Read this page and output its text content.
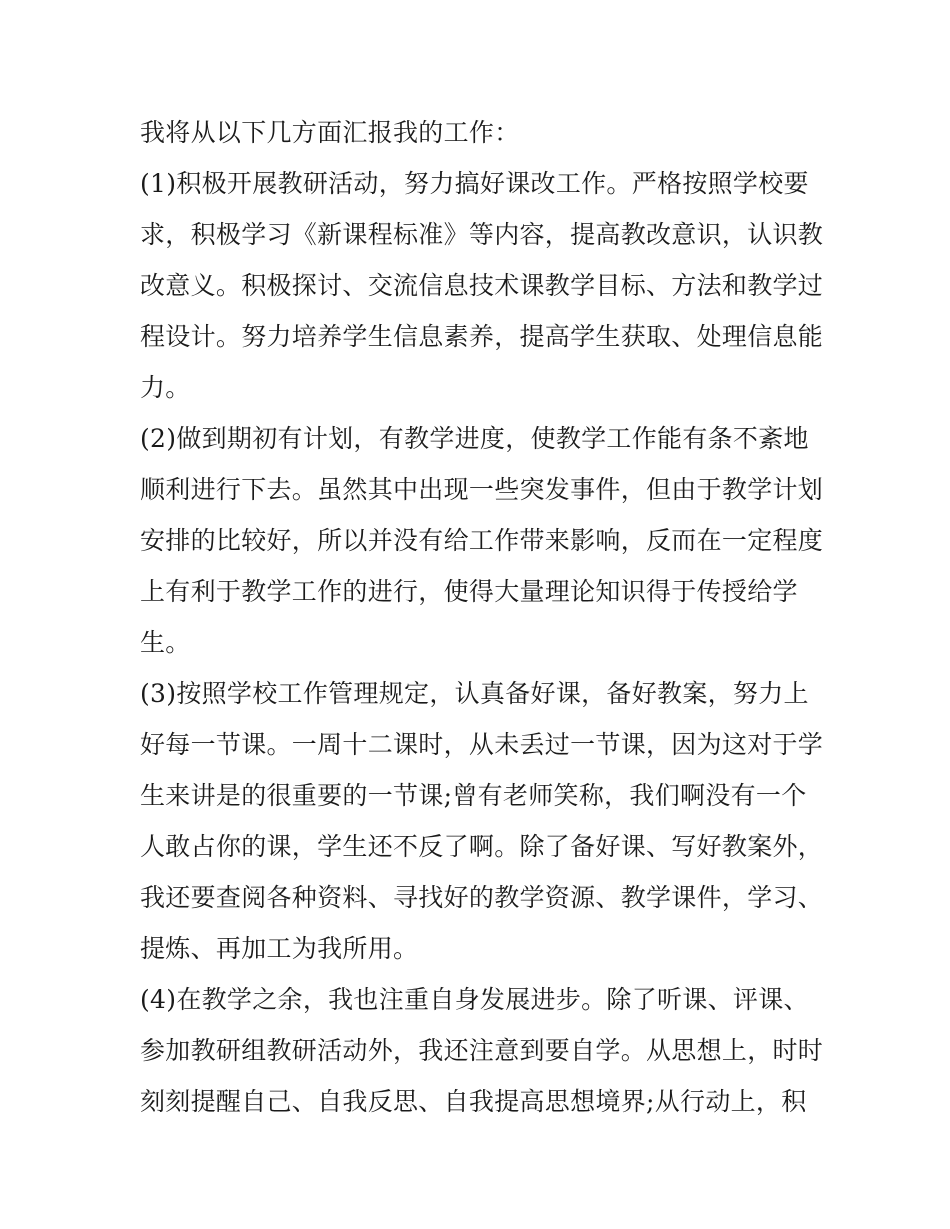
我将从以下几方面汇报我的工作：
(1)积极开展教研活动，努力搞好课改工作。严格按照学校要
求，积极学习《新课程标准》等内容，提高教改意识，认识教
改意义。积极探讨、交流信息技术课教学目标、方法和教学过
程设计。努力培养学生信息素养，提高学生获取、处理信息能
力。
(2)做到期初有计划，有教学进度，使教学工作能有条不紊地
顺利进行下去。虽然其中出现一些突发事件，但由于教学计划
安排的比较好，所以并没有给工作带来影响，反而在一定程度
上有利于教学工作的进行，使得大量理论知识得于传授给学
生。
(3)按照学校工作管理规定，认真备好课，备好教案，努力上
好每一节课。一周十二课时，从未丢过一节课，因为这对于学
生来讲是的很重要的一节课;曾有老师笑称，我们啊没有一个
人敢占你的课，学生还不反了啊。除了备好课、写好教案外，
我还要查阅各种资料、寻找好的教学资源、教学课件，学习、
提炼、再加工为我所用。
(4)在教学之余，我也注重自身发展进步。除了听课、评课、
参加教研组教研活动外，我还注意到要自学。从思想上，时时
刻刻提醒自己、自我反思、自我提高思想境界;从行动上，积
